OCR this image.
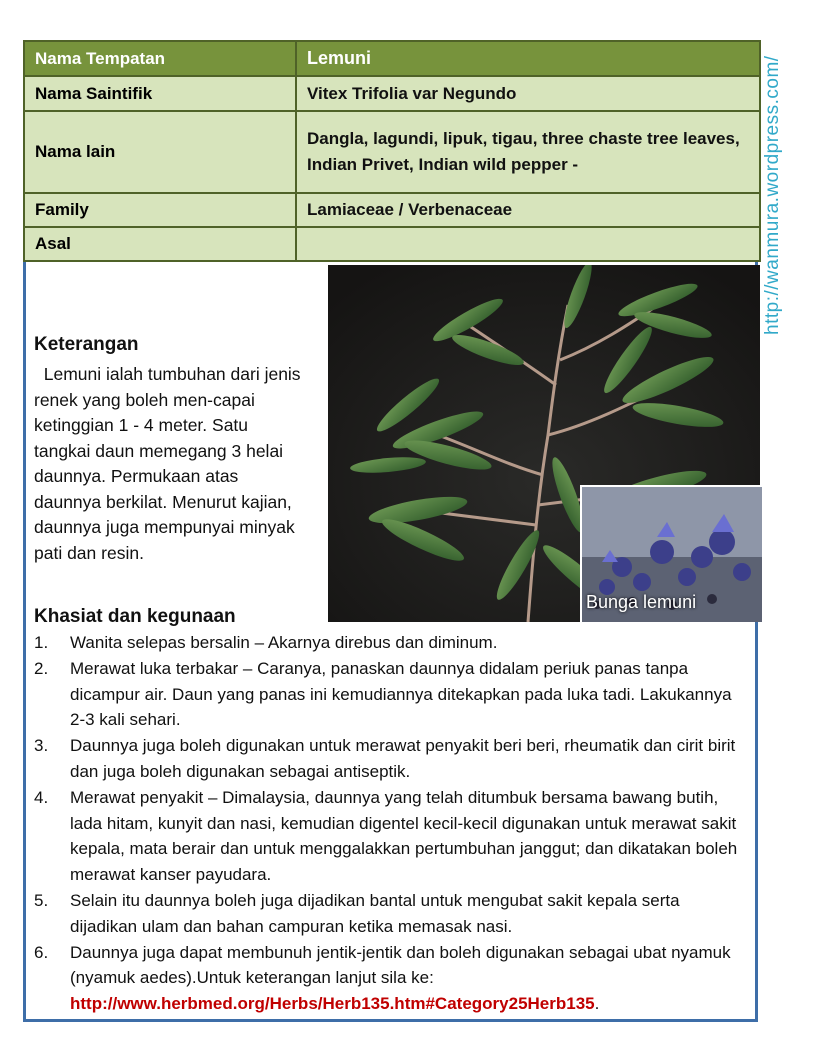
Nama Tempatan	Lemuni
Nama Saintifik	Vitex Trifolia var Negundo
Nama lain	Dangla, lagundi, lipuk, tigau, three chaste tree leaves, Indian Privet, Indian wild pepper -
Family	Lamiaceae / Verbenaceae
Asal	
Bunga lemuni
http://wanmura.wordpress.com/
Keterangan
Lemuni ialah tumbuhan dari jenis renek yang boleh men-capai ketinggian 1 - 4 meter. Satu tangkai daun memegang 3 helai daunnya. Permukaan atas daunnya berkilat. Menurut kajian,  daunnya juga mempunyai minyak pati dan resin.
Khasiat dan kegunaan
1. Wanita selepas bersalin – Akarnya direbus dan diminum.
2. Merawat luka terbakar – Caranya, panaskan daunnya didalam periuk panas tanpa dicampur air. Daun yang panas ini kemudiannya ditekapkan pada luka tadi. Lakukannya 2-3 kali sehari.
3. Daunnya juga boleh digunakan untuk merawat penyakit beri beri, rheumatik dan cirit birit dan juga boleh digunakan sebagai antiseptik.
4. Merawat penyakit – Dimalaysia, daunnya yang telah ditumbuk bersama bawang butih, lada hitam, kunyit dan nasi, kemudian digentel kecil-kecil digunakan untuk merawat sakit kepala, mata berair dan untuk menggalakkan pertumbuhan janggut; dan dikatakan boleh merawat kanser payudara.
5. Selain itu daunnya boleh juga dijadikan bantal untuk mengubat sakit kepala serta dijadikan ulam dan bahan campuran ketika memasak nasi.
6. Daunnya juga dapat membunuh jentik-jentik dan boleh digunakan sebagai ubat nyamuk (nyamuk aedes).Untuk keterangan lanjut sila ke: http://www.herbmed.org/Herbs/Herb135.htm#Category25Herb135.
